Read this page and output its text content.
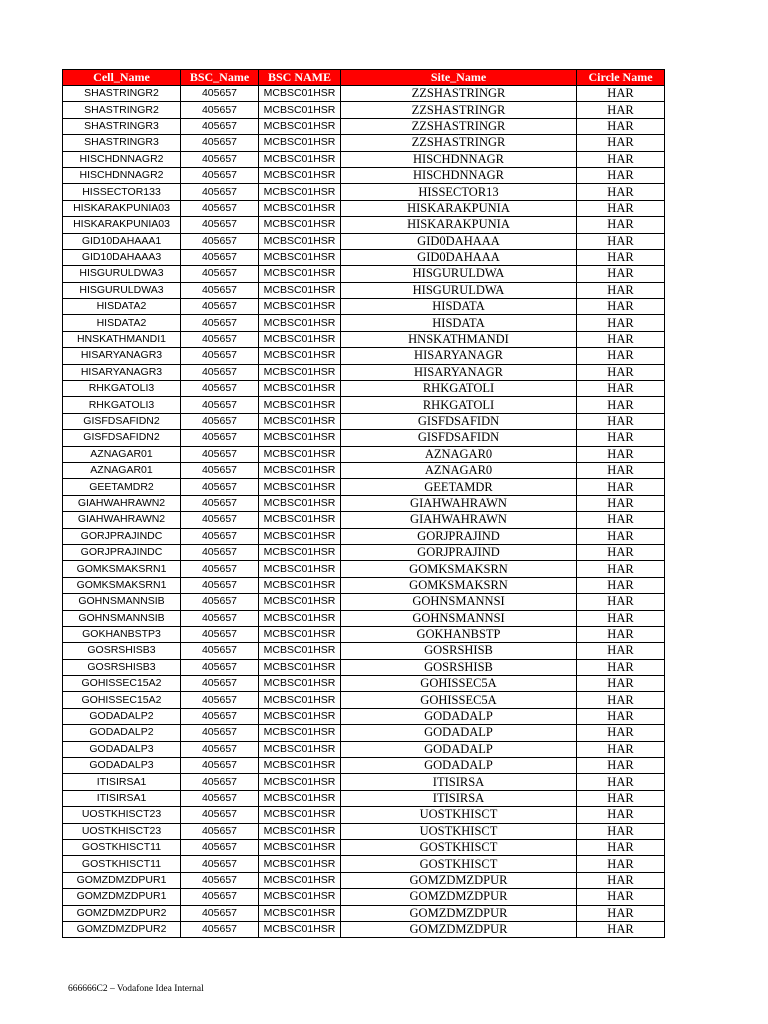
Cell_Name	BSC_Name	BSC NAME	Site_Name	Circle Name
SHASTRINGR2	405657	MCBSC01HSR	ZZSHASTRINGR	HAR
SHASTRINGR2	405657	MCBSC01HSR	ZZSHASTRINGR	HAR
SHASTRINGR3	405657	MCBSC01HSR	ZZSHASTRINGR	HAR
SHASTRINGR3	405657	MCBSC01HSR	ZZSHASTRINGR	HAR
HISCHDNNAGR2	405657	MCBSC01HSR	HISCHDNNAGR	HAR
HISCHDNNAGR2	405657	MCBSC01HSR	HISCHDNNAGR	HAR
HISSECTOR133	405657	MCBSC01HSR	HISSECTOR13	HAR
HISKARAKPUNIA03	405657	MCBSC01HSR	HISKARAKPUNIA	HAR
HISKARAKPUNIA03	405657	MCBSC01HSR	HISKARAKPUNIA	HAR
GID10DAHAAA1	405657	MCBSC01HSR	GID0DAHAAA	HAR
GID10DAHAAA3	405657	MCBSC01HSR	GID0DAHAAA	HAR
HISGURULDWA3	405657	MCBSC01HSR	HISGURULDWA	HAR
HISGURULDWA3	405657	MCBSC01HSR	HISGURULDWA	HAR
HISDATA2	405657	MCBSC01HSR	HISDATA	HAR
HISDATA2	405657	MCBSC01HSR	HISDATA	HAR
HNSKATHMANDI1	405657	MCBSC01HSR	HNSKATHMANDI	HAR
HISARYANAGR3	405657	MCBSC01HSR	HISARYANAGR	HAR
HISARYANAGR3	405657	MCBSC01HSR	HISARYANAGR	HAR
RHKGATOLI3	405657	MCBSC01HSR	RHKGATOLI	HAR
RHKGATOLI3	405657	MCBSC01HSR	RHKGATOLI	HAR
GISFDSAFIDN2	405657	MCBSC01HSR	GISFDSAFIDN	HAR
GISFDSAFIDN2	405657	MCBSC01HSR	GISFDSAFIDN	HAR
AZNAGAR01	405657	MCBSC01HSR	AZNAGAR0	HAR
AZNAGAR01	405657	MCBSC01HSR	AZNAGAR0	HAR
GEETAMDR2	405657	MCBSC01HSR	GEETAMDR	HAR
GIAHWAHRAWN2	405657	MCBSC01HSR	GIAHWAHRAWN	HAR
GIAHWAHRAWN2	405657	MCBSC01HSR	GIAHWAHRAWN	HAR
GORJPRAJINDC	405657	MCBSC01HSR	GORJPRAJIND	HAR
GORJPRAJINDC	405657	MCBSC01HSR	GORJPRAJIND	HAR
GOMKSMAKSRN1	405657	MCBSC01HSR	GOMKSMAKSRN	HAR
GOMKSMAKSRN1	405657	MCBSC01HSR	GOMKSMAKSRN	HAR
GOHNSMANNSIB	405657	MCBSC01HSR	GOHNSMANNSI	HAR
GOHNSMANNSIB	405657	MCBSC01HSR	GOHNSMANNSI	HAR
GOKHANBSTP3	405657	MCBSC01HSR	GOKHANBSTP	HAR
GOSRSHISB3	405657	MCBSC01HSR	GOSRSHISB	HAR
GOSRSHISB3	405657	MCBSC01HSR	GOSRSHISB	HAR
GOHISSEC15A2	405657	MCBSC01HSR	GOHISSEC5A	HAR
GOHISSEC15A2	405657	MCBSC01HSR	GOHISSEC5A	HAR
GODADALP2	405657	MCBSC01HSR	GODADALP	HAR
GODADALP2	405657	MCBSC01HSR	GODADALP	HAR
GODADALP3	405657	MCBSC01HSR	GODADALP	HAR
GODADALP3	405657	MCBSC01HSR	GODADALP	HAR
ITISIRSA1	405657	MCBSC01HSR	ITISIRSA	HAR
ITISIRSA1	405657	MCBSC01HSR	ITISIRSA	HAR
UOSTKHISCT23	405657	MCBSC01HSR	UOSTKHISCT	HAR
UOSTKHISCT23	405657	MCBSC01HSR	UOSTKHISCT	HAR
GOSTKHISCT11	405657	MCBSC01HSR	GOSTKHISCT	HAR
GOSTKHISCT11	405657	MCBSC01HSR	GOSTKHISCT	HAR
GOMZDMZDPUR1	405657	MCBSC01HSR	GOMZDMZDPUR	HAR
GOMZDMZDPUR1	405657	MCBSC01HSR	GOMZDMZDPUR	HAR
GOMZDMZDPUR2	405657	MCBSC01HSR	GOMZDMZDPUR	HAR
GOMZDMZDPUR2	405657	MCBSC01HSR	GOMZDMZDPUR	HAR
666666C2 – Vodafone Idea Internal
